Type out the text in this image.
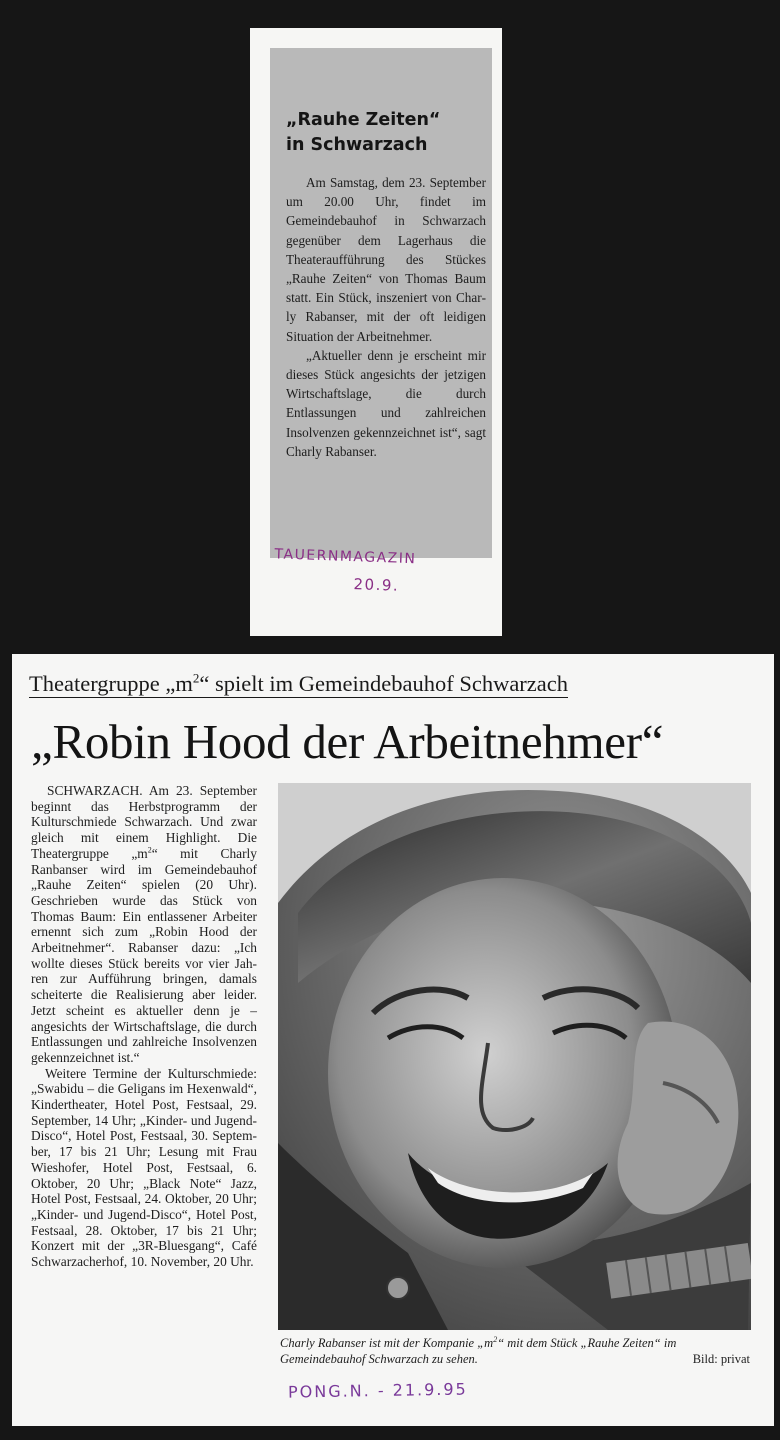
„Rauhe Zeiten“
in Schwarzach

Am Samstag, dem 23. September um 20.00 Uhr, findet im Gemeindebauhof in Schwarzach gegenüber dem Lagerhaus die Theateraufführung des Stückes „Rauhe Zeiten“ von Thomas Baum statt. Ein Stück, inszeniert von Charly Rabanser, mit der oft leidigen Situation der Arbeitnehmer.

„Aktueller denn je erscheint mir dieses Stück angesichts der jetzigen Wirtschaftslage, die durch Entlassungen und zahlreichen Insolvenzen gekennzeichnet ist“, sagt Charly Rabanser.

TAUERNMAGAZIN
20.9.

Theatergruppe $„m^2“$ spielt im Gemeindebauhof Schwarzach

„Robin Hood der Arbeitnehmer“

SCHWARZACH. Am 23. September beginnt das Herbstprogramm der Kulturschmiede Schwarzach. Und zwar gleich mit einem Highlight. Die Theatergruppe $„m^2“$ mit Charly Ranbanser wird im Gemeindebauhof „Rauhe Zeiten“ spielen (20 Uhr). Geschrieben wurde das Stück von Thomas Baum: Ein entlassener Arbeiter ernennt sich zum „Robin Hood der Arbeitnehmer“. Rabanser dazu: „Ich wollte dieses Stück bereits vor vier Jahren zur Aufführung bringen, damals scheiterte die Realisierung aber leider. Jetzt scheint es aktueller denn je – angesichts der Wirtschaftslage, die durch Entlassungen und zahlreiche Insolvenzen gekennzeichnet ist.“

Weitere Termine der Kulturschmiede: „Swabidu – die Geligans im Hexenwald“, Kindertheater, Hotel Post, Festsaal, 29. September, 14 Uhr; „Kinder- und Jugend-Disco“, Hotel Post, Festsaal, 30. September, 17 bis 21 Uhr; Lesung mit Frau Wieshofer, Hotel Post, Festsaal, 6. Oktober, 20 Uhr; „Black Note“ Jazz, Hotel Post, Festsaal, 24. Oktober, 20 Uhr; „Kinder- und Jugend-Disco“, Hotel Post, Festsaal, 28. Oktober, 17 bis 21 Uhr; Konzert mit der „3R-Bluesgang“, Café Schwarzacherhof, 10. November, 20 Uhr.

Charly Rabanser ist mit der Kompanie $„m^2“$ mit dem Stück „Rauhe Zeiten“ im Gemeindebauhof Schwarzach zu sehen.	Bild: privat
PONG.N. - 21.9.95
